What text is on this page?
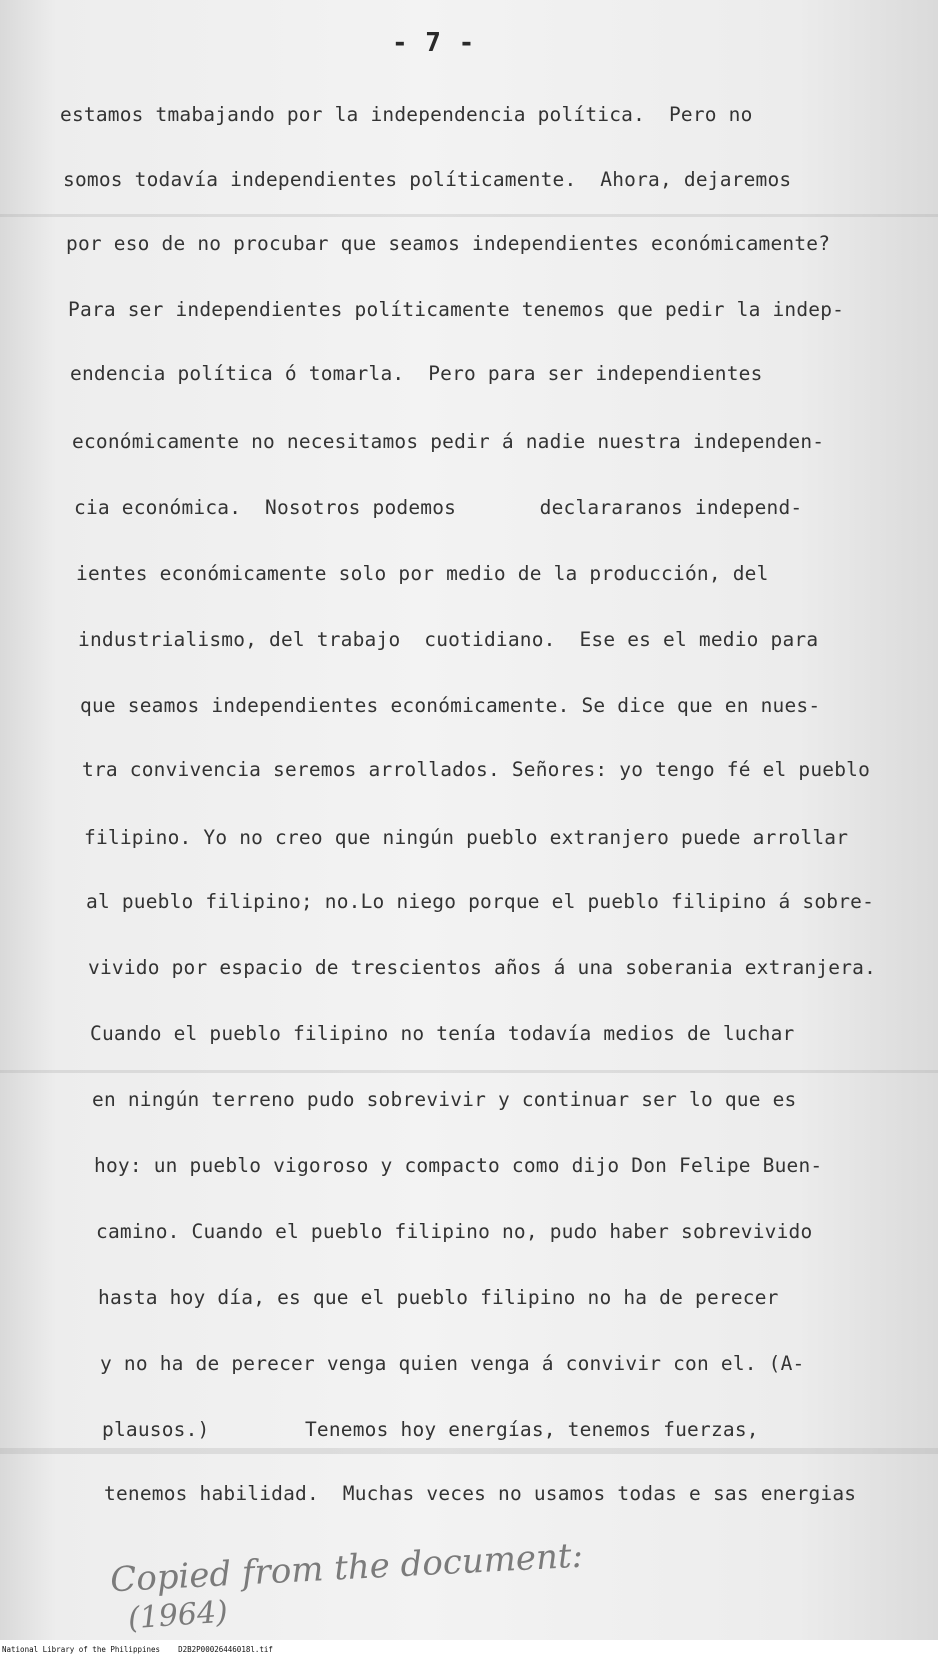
- 7 -
estamos tmabajando por la independencia política.  Pero no
somos todavía independientes políticamente.  Ahora, dejaremos
por eso de no procubar que seamos independientes económicamente?
Para ser independientes políticamente tenemos que pedir la indep-
endencia política ó tomarla.  Pero para ser independientes
económicamente no necesitamos pedir á nadie nuestra independen-
cia económica.  Nosotros podemos       declararanos independ-
ientes económicamente solo por medio de la producción, del
industrialismo, del trabajo  cuotidiano.  Ese es el medio para
que seamos independientes económicamente. Se dice que en nues-
tra convivencia seremos arrollados. Señores: yo tengo fé el pueblo
filipino. Yo no creo que ningún pueblo extranjero puede arrollar
al pueblo filipino; no.Lo niego porque el pueblo filipino á sobre-
vivido por espacio de trescientos años á una soberania extranjera.
Cuando el pueblo filipino no tenía todavía medios de luchar
en ningún terreno pudo sobrevivir y continuar ser lo que es
hoy: un pueblo vigoroso y compacto como dijo Don Felipe Buen-
camino. Cuando el pueblo filipino no, pudo haber sobrevivido
hasta hoy día, es que el pueblo filipino no ha de perecer
y no ha de perecer venga quien venga á convivir con el. (A-
plausos.)        Tenemos hoy energías, tenemos fuerzas,
tenemos habilidad.  Muchas veces no usamos todas e sas energias
Copied from the document:
(1964)
National Library of the Philippines    D2B2P00026446018l.tif
